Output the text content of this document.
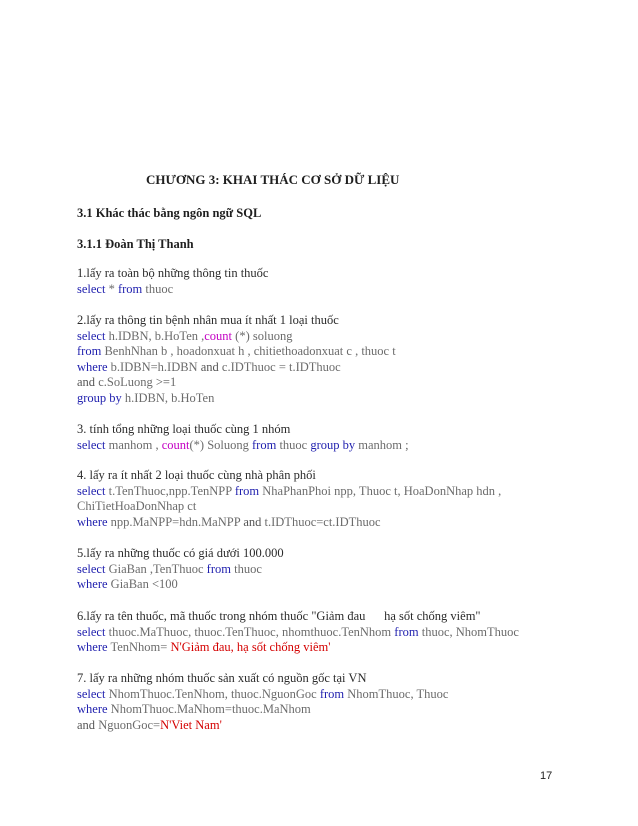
CHƯƠNG 3: KHAI THÁC CƠ SỞ DỮ LIỆU
3.1 Khác thác bằng ngôn ngữ SQL
3.1.1 Đoàn Thị Thanh
1.lấy ra toàn bộ những thông tin thuốc
select * from thuoc
2.lấy ra thông tin bệnh nhân mua ít nhất 1 loại thuốc
select h.IDBN, b.HoTen ,count (*) soluong
from BenhNhan b , hoadonxuat h , chitiethoadonxuat c , thuoc t
where b.IDBN=h.IDBN and c.IDThuoc = t.IDThuoc
and c.SoLuong >=1
group by h.IDBN, b.HoTen
3. tính tổng những loại thuốc cùng 1 nhóm
select manhom , count(*) Soluong from thuoc group by manhom ;
4. lấy ra ít nhất 2 loại thuốc cùng nhà phân phối
select t.TenThuoc,npp.TenNPP from NhaPhanPhoi npp, Thuoc t, HoaDonNhap hdn ,
ChiTietHoaDonNhap ct
where npp.MaNPP=hdn.MaNPP and t.IDThuoc=ct.IDThuoc
5.lấy ra những thuốc có giá dưới 100.000
select GiaBan ,TenThuoc from thuoc
where GiaBan <100
6.lấy ra tên thuốc, mã thuốc trong nhóm thuốc "Giảm đau      hạ sốt chống viêm"
select thuoc.MaThuoc, thuoc.TenThuoc, nhomthuoc.TenNhom from thuoc, NhomThuoc
where TenNhom= N'Giảm đau, hạ sốt chống viêm'
7. lấy ra những nhóm thuốc sản xuất có nguồn gốc tại VN
select NhomThuoc.TenNhom, thuoc.NguonGoc from NhomThuoc, Thuoc
where NhomThuoc.MaNhom=thuoc.MaNhom
and NguonGoc=N'Viet Nam'
17
